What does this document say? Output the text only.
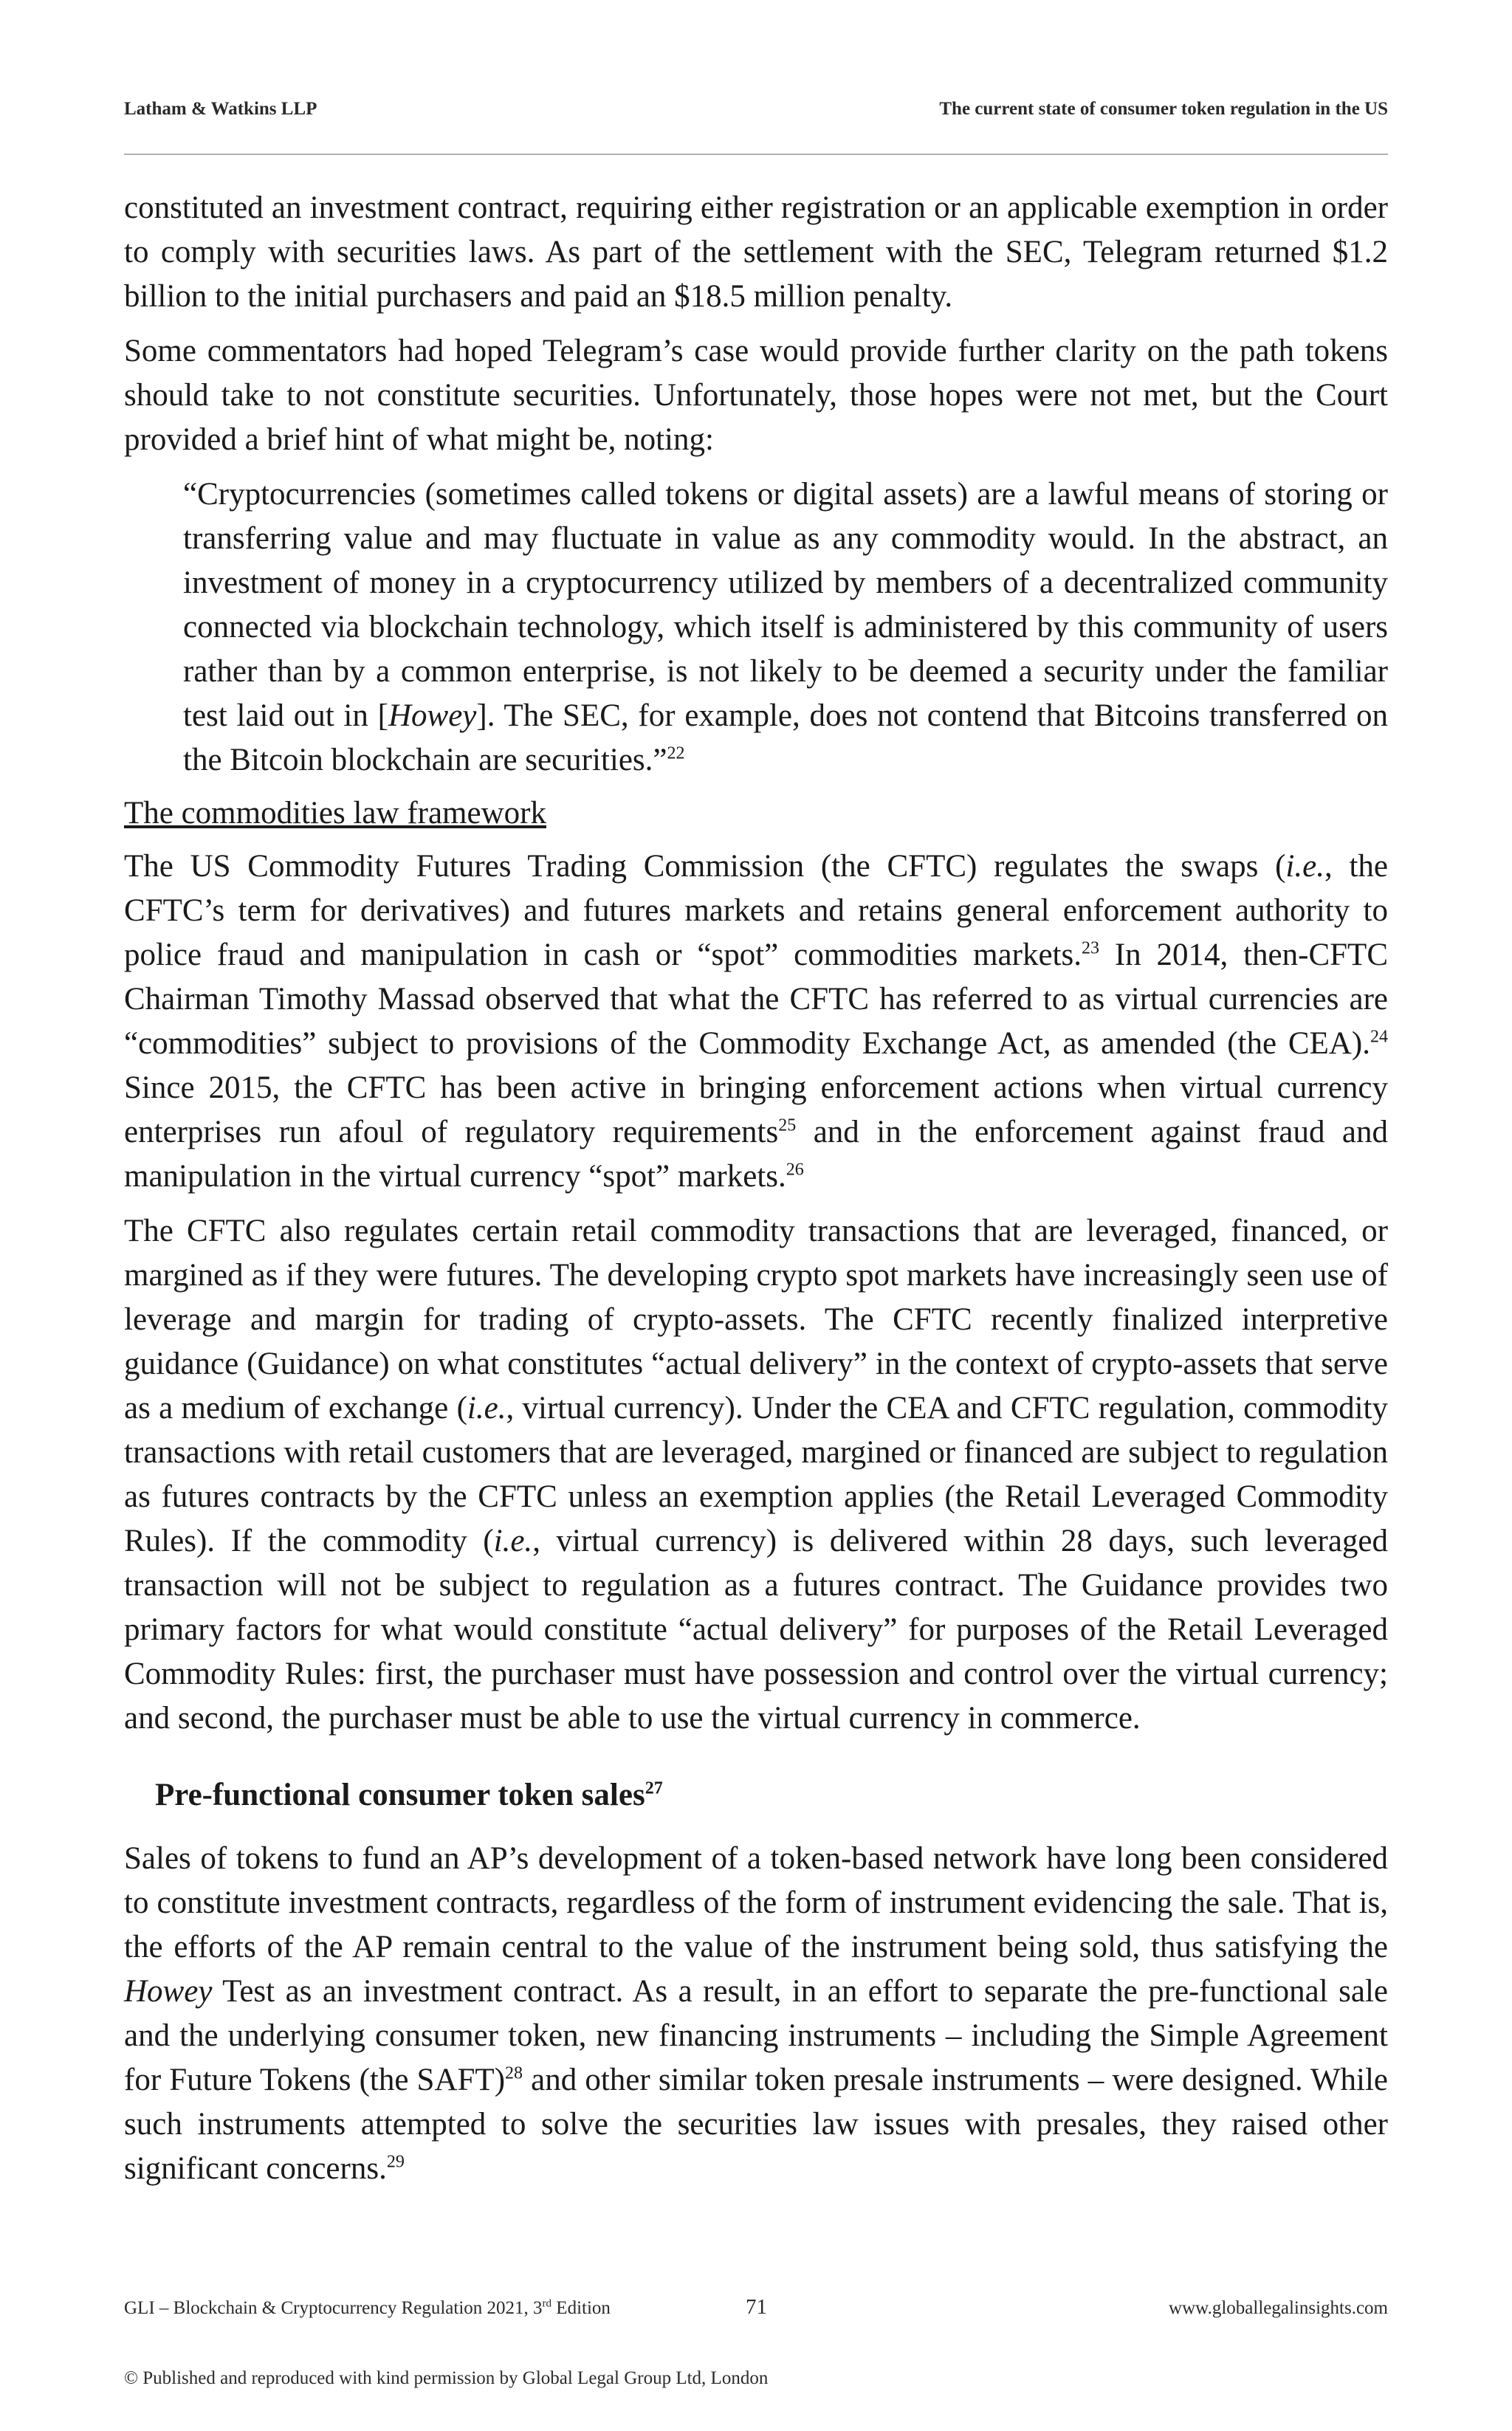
Latham & Watkins LLP	The current state of consumer token regulation in the US

constituted an investment contract, requiring either registration or an applicable exemption in order to comply with securities laws. As part of the settlement with the SEC, Telegram returned $1.2 billion to the initial purchasers and paid an $18.5 million penalty.

Some commentators had hoped Telegram’s case would provide further clarity on the path tokens should take to not constitute securities. Unfortunately, those hopes were not met, but the Court provided a brief hint of what might be, noting:

“Cryptocurrencies (sometimes called tokens or digital assets) are a lawful means of storing or transferring value and may fluctuate in value as any commodity would. In the abstract, an investment of money in a cryptocurrency utilized by members of a decentralized community connected via blockchain technology, which itself is administered by this community of users rather than by a common enterprise, is not likely to be deemed a security under the familiar test laid out in [Howey]. The SEC, for example, does not contend that Bitcoins transferred on the Bitcoin blockchain are securities.”$^{22}$

The commodities law framework

The US Commodity Futures Trading Commission (the CFTC) regulates the swaps (i.e., the CFTC’s term for derivatives) and futures markets and retains general enforcement authority to police fraud and manipulation in cash or “spot” commodities markets.$^{23}$ In 2014, then-CFTC Chairman Timothy Massad observed that what the CFTC has referred to as virtual currencies are “commodities” subject to provisions of the Commodity Exchange Act, as amended (the CEA).$^{24}$ Since 2015, the CFTC has been active in bringing enforcement actions when virtual currency enterprises run afoul of regulatory requirements$^{25}$ and in the enforcement against fraud and manipulation in the virtual currency “spot” markets.$^{26}$

The CFTC also regulates certain retail commodity transactions that are leveraged, financed, or margined as if they were futures. The developing crypto spot markets have increasingly seen use of leverage and margin for trading of crypto-assets. The CFTC recently finalized interpretive guidance (Guidance) on what constitutes “actual delivery” in the context of crypto-assets that serve as a medium of exchange (i.e., virtual currency). Under the CEA and CFTC regulation, commodity transactions with retail customers that are leveraged, margined or financed are subject to regulation as futures contracts by the CFTC unless an exemption applies (the Retail Leveraged Commodity Rules). If the commodity (i.e., virtual currency) is delivered within 28 days, such leveraged transaction will not be subject to regulation as a futures contract. The Guidance provides two primary factors for what would constitute “actual delivery” for purposes of the Retail Leveraged Commodity Rules: first, the purchaser must have possession and control over the virtual currency; and second, the purchaser must be able to use the virtual currency in commerce.

Pre-functional consumer token sales$^{27}$

Sales of tokens to fund an AP’s development of a token-based network have long been considered to constitute investment contracts, regardless of the form of instrument evidencing the sale. That is, the efforts of the AP remain central to the value of the instrument being sold, thus satisfying the Howey Test as an investment contract. As a result, in an effort to separate the pre-functional sale and the underlying consumer token, new financing instruments – including the Simple Agreement for Future Tokens (the SAFT)$^{28}$ and other similar token presale instruments – were designed. While such instruments attempted to solve the securities law issues with presales, they raised other significant concerns.$^{29}$

GLI – Blockchain & Cryptocurrency Regulation 2021, 3rd Edition	71	www.globallegalinsights.com
© Published and reproduced with kind permission by Global Legal Group Ltd, London
